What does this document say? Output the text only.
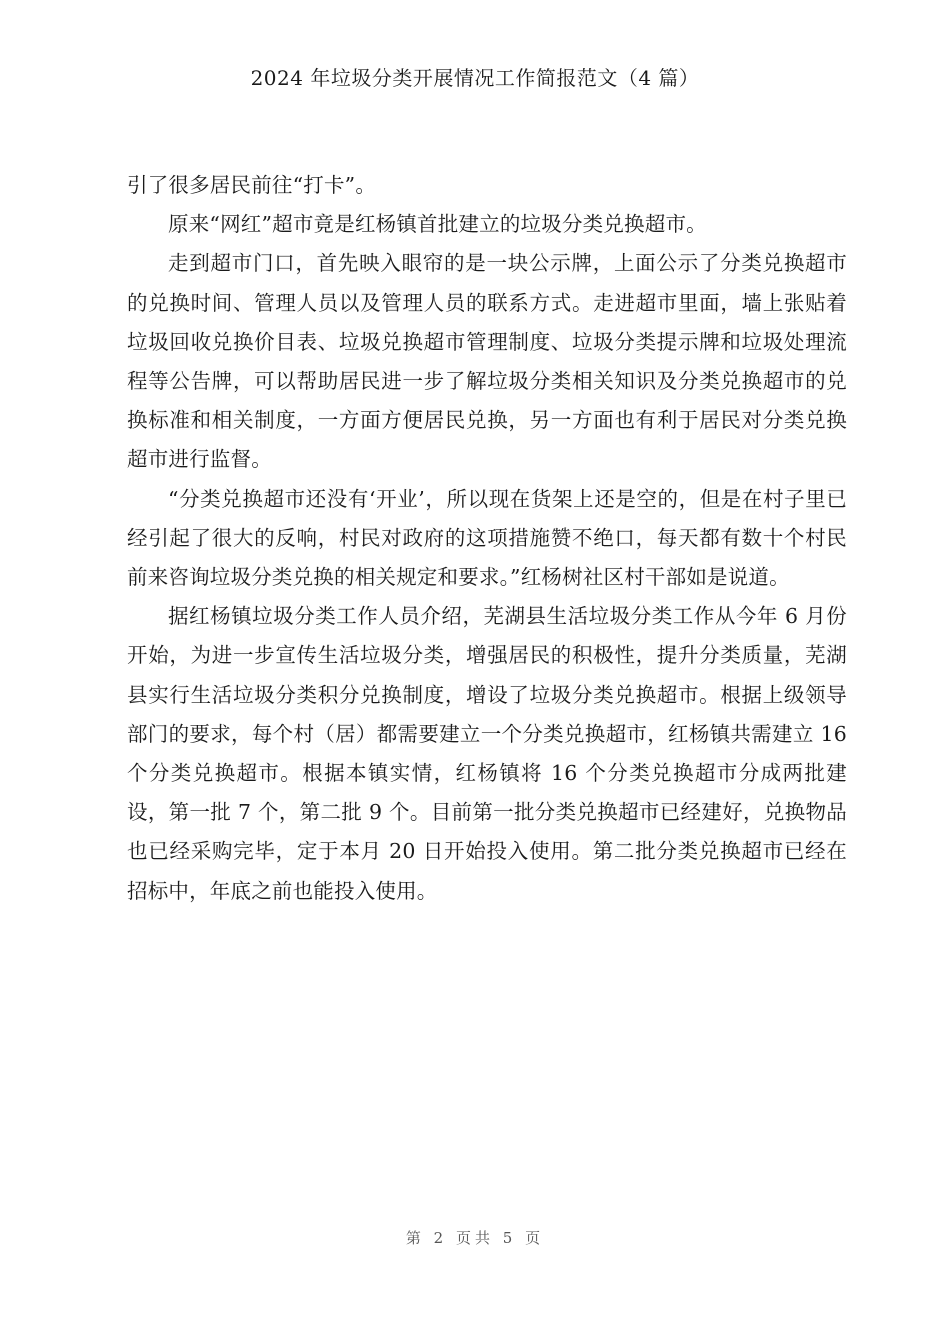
2024 年垃圾分类开展情况工作简报范文（4 篇）

引了很多居民前往“打卡”。

原来“网红”超市竟是红杨镇首批建立的垃圾分类兑换超市。

走到超市门口，首先映入眼帘的是一块公示牌，上面公示了分类兑换超市的兑换时间、管理人员以及管理人员的联系方式。走进超市里面，墙上张贴着垃圾回收兑换价目表、垃圾兑换超市管理制度、垃圾分类提示牌和垃圾处理流程等公告牌，可以帮助居民进一步了解垃圾分类相关知识及分类兑换超市的兑换标准和相关制度，一方面方便居民兑换，另一方面也有利于居民对分类兑换超市进行监督。

“分类兑换超市还没有‘开业’，所以现在货架上还是空的，但是在村子里已经引起了很大的反响，村民对政府的这项措施赞不绝口，每天都有数十个村民前来咨询垃圾分类兑换的相关规定和要求。”红杨树社区村干部如是说道。

据红杨镇垃圾分类工作人员介绍，芜湖县生活垃圾分类工作从今年 6 月份开始，为进一步宣传生活垃圾分类，增强居民的积极性，提升分类质量，芜湖县实行生活垃圾分类积分兑换制度，增设了垃圾分类兑换超市。根据上级领导部门的要求，每个村（居）都需要建立一个分类兑换超市，红杨镇共需建立 16 个分类兑换超市。根据本镇实情，红杨镇将 16 个分类兑换超市分成两批建设，第一批 7 个，第二批 9 个。目前第一批分类兑换超市已经建好，兑换物品也已经采购完毕，定于本月 20 日开始投入使用。第二批分类兑换超市已经在招标中，年底之前也能投入使用。

第 2 页共 5 页
